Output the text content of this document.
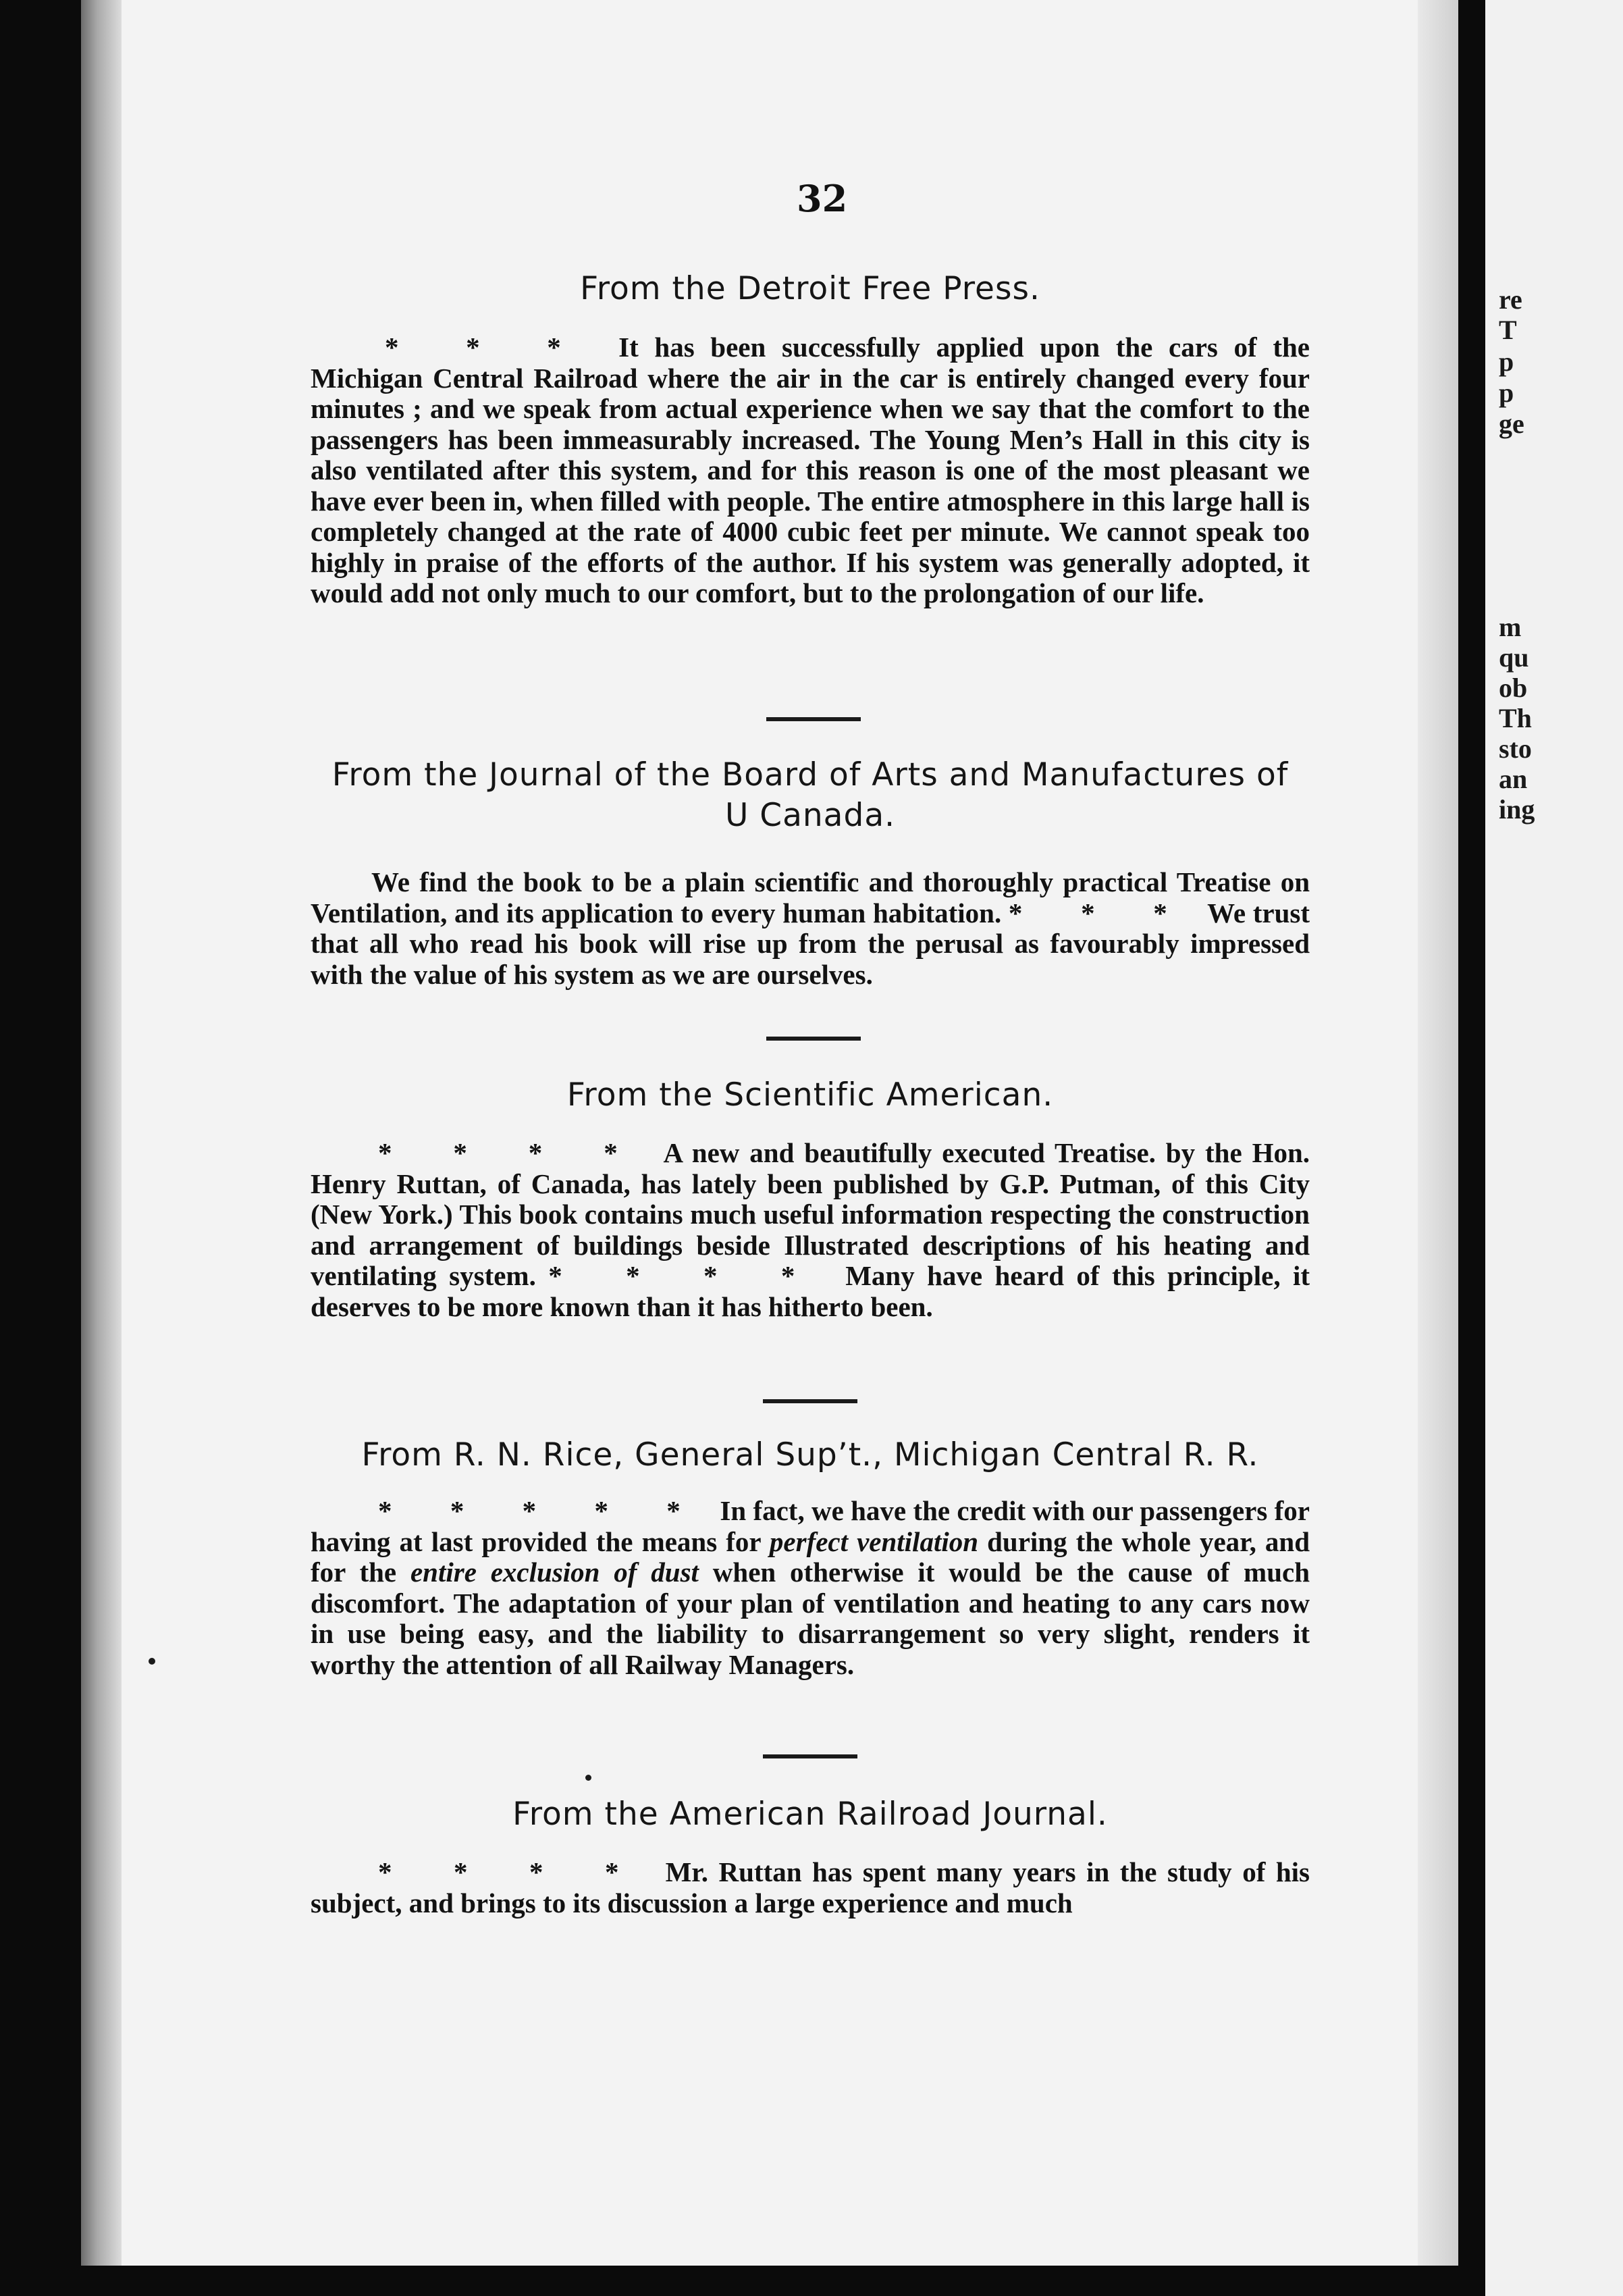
re
T
p
p
ge
m
qu
ob
Th
sto
an
ing
32
From the Detroit Free Press.
* * * It has been successfully applied upon the cars of the Michigan Central Railroad where the air in the car is entirely changed every four minutes ; and we speak from actual experience when we say that the comfort to the passengers has been immeasurably increased. The Young Men’s Hall in this city is also ventilated after this system, and for this reason is one of the most pleasant we have ever been in, when filled with people. The entire atmosphere in this large hall is completely changed at the rate of 4000 cubic feet per minute. We cannot speak too highly in praise of the efforts of the author. If his system was generally adopted, it would add not only much to our comfort, but to the prolongation of our life.
From the Journal of the Board of Arts and Manufactures of U Canada.
We find the book to be a plain scientific and thoroughly practical Treatise on Ventilation, and its application to every human habitation. * * * We trust that all who read his book will rise up from the perusal as favourably impressed with the value of his system as we are ourselves.
From the Scientific American.
* * * * A new and beautifully executed Treatise. by the Hon. Henry Ruttan, of Canada, has lately been published by G.P. Putman, of this City (New York.) This book contains much useful information respecting the construction and arrangement of buildings beside Illustrated descriptions of his heating and ventilating system. * * * * Many have heard of this principle, it deserves to be more known than it has hitherto been.
From R. N. Rice, General Sup’t., Michigan Central R. R.
* * * * * In fact, we have the credit with our passengers for having at last provided the means for perfect ventilation during the whole year, and for the entire exclusion of dust when otherwise it would be the cause of much discomfort. The adaptation of your plan of ventilation and heating to any cars now in use being easy, and the liability to disarrangement so very slight, renders it worthy the attention of all Railway Managers.
From the American Railroad Journal.
* * * * Mr. Ruttan has spent many years in the study of his subject, and brings to its discussion a large experience and much
